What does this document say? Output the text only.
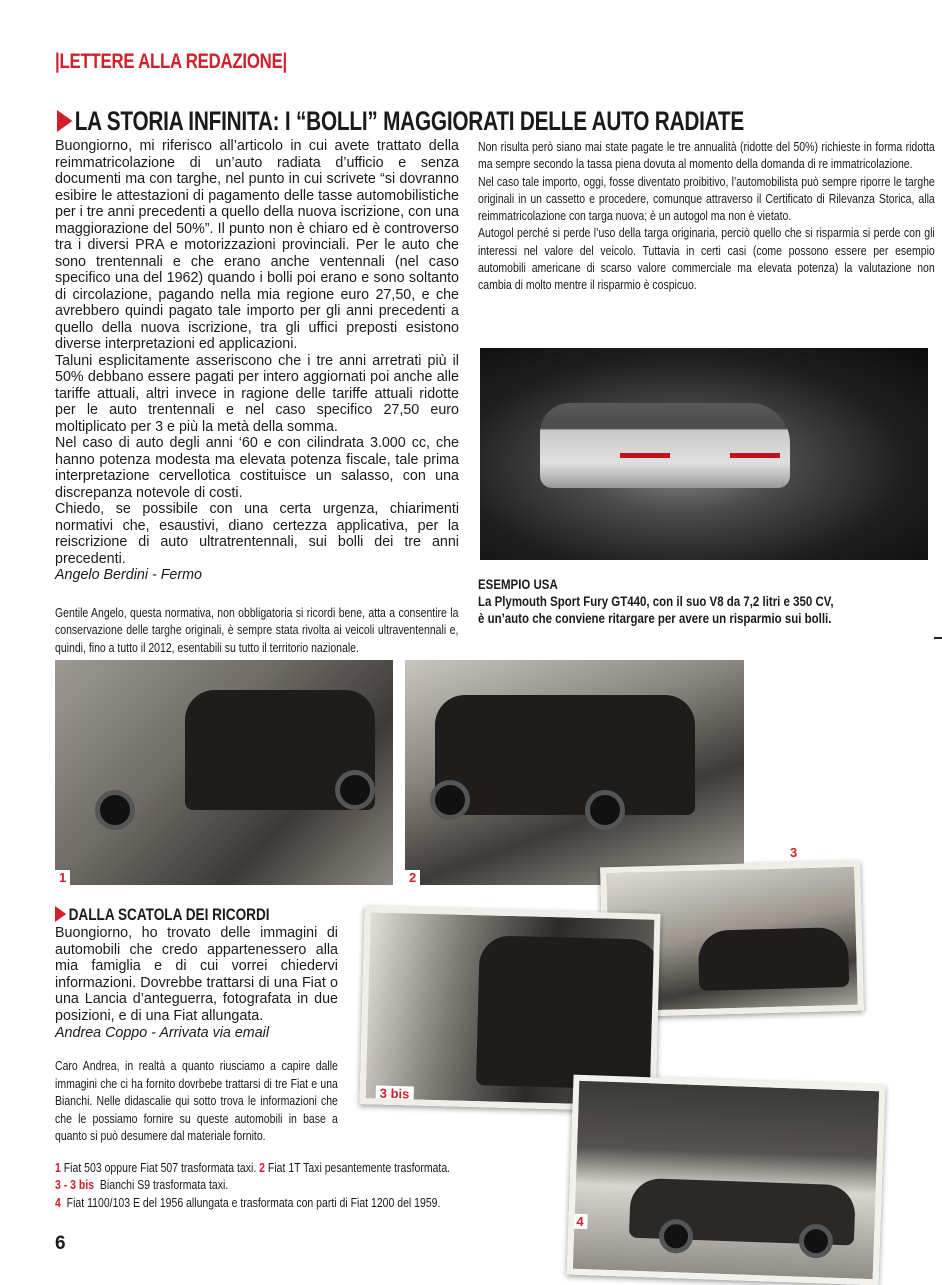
|LETTERE ALLA REDAZIONE|
LA STORIA INFINITA: I “BOLLI” MAGGIORATI DELLE AUTO RADIATE

Buongiorno, mi riferisco all’articolo in cui avete trattato della reimmatricolazione di un’auto radiata d’ufficio e senza documenti ma con targhe, nel punto in cui scrivete “si dovranno esibire le attestazioni di pagamento delle tasse automobilistiche per i tre anni precedenti a quello della nuova iscrizione, con una maggiorazione del 50%”. Il punto non è chiaro ed è controverso tra i diversi PRA e motorizzazioni provinciali. Per le auto che sono trentennali e che erano anche ventennali (nel caso specifico una del 1962) quando i bolli poi erano e sono soltanto di circolazione, pagando nella mia regione euro 27,50, e che avrebbero quindi pagato tale importo per gli anni precedenti a quello della nuova iscrizione, tra gli uffici preposti esistono diverse interpretazioni ed applicazioni.

Taluni esplicitamente asseriscono che i tre anni arretrati più il 50% debbano essere pagati per intero aggiornati poi anche alle tariffe attuali, altri invece in ragione delle tariffe attuali ridotte per le auto trentennali e nel caso specifico 27,50 euro moltiplicato per 3 e più la metà della somma.

Nel caso di auto degli anni ‘60 e con cilindrata 3.000 cc, che hanno potenza modesta ma elevata potenza fiscale, tale prima interpretazione cervellotica costituisce un salasso, con una discrepanza notevole di costi.

Chiedo, se possibile con una certa urgenza, chiarimenti normativi che, esaustivi, diano certezza applicativa, per la reiscrizione di auto ultratrentennali, sui bolli dei tre anni precedenti.

Angelo Berdini - Fermo

Gentile Angelo, questa normativa, non obbligatoria si ricordi bene, atta a consentire la conservazione delle targhe originali, è sempre stata rivolta ai veicoli ultraventennali e, quindi, fino a tutto il 2012, esentabili su tutto il territorio nazionale.

Non risulta però siano mai state pagate le tre annualità (ridotte del 50%) richieste in forma ridotta ma sempre secondo la tassa piena dovuta al momento della domanda di re immatricolazione.

Nel caso tale importo, oggi, fosse diventato proibitivo, l’automobilista può sempre riporre le targhe originali in un cassetto e procedere, comunque attraverso il Certificato di Rilevanza Storica, alla reimmatricolazione con targa nuova; è un autogol ma non è vietato.

Autogol perché si perde l’uso della targa originaria, perciò quello che si risparmia si perde con gli interessi nel valore del veicolo. Tuttavia in certi casi (come possono essere per esempio automobili americane di scarso valore commerciale ma elevata potenza) la valutazione non cambia di molto mentre il risparmio è cospicuo.

ESEMPIO USA
La Plymouth Sport Fury GT440, con il suo V8 da 7,2 litri e 350 CV,
è un’auto che conviene ritargare per avere un risparmio sui bolli.
1	2
3
3 bis
4
DALLA SCATOLA DEI RICORDI

Buongiorno, ho trovato delle immagini di automobili che credo appartenessero alla mia famiglia e di cui vorrei chiedervi informazioni. Dovrebbe trattarsi di una Fiat o una Lancia d’anteguerra, fotografata in due posizioni, e di una Fiat allungata.

Andrea Coppo - Arrivata via email

Caro Andrea, in realtà a quanto riusciamo a capire dalle immagini che ci ha fornito dovrbebe trattarsi di tre Fiat e una Bianchi. Nelle didascalie qui sotto trova le informazioni che che le possiamo fornire su queste automobili in base a quanto si può desumere dal materiale fornito.
1 Fiat 503 oppure Fiat 507 trasformata taxi. 2 Fiat 1T Taxi pesantemente trasformata.
3 - 3 bis Bianchi S9 trasformata taxi.
4 Fiat 1100/103 E del 1956 allungata e trasformata con parti di Fiat 1200 del 1959.
6
